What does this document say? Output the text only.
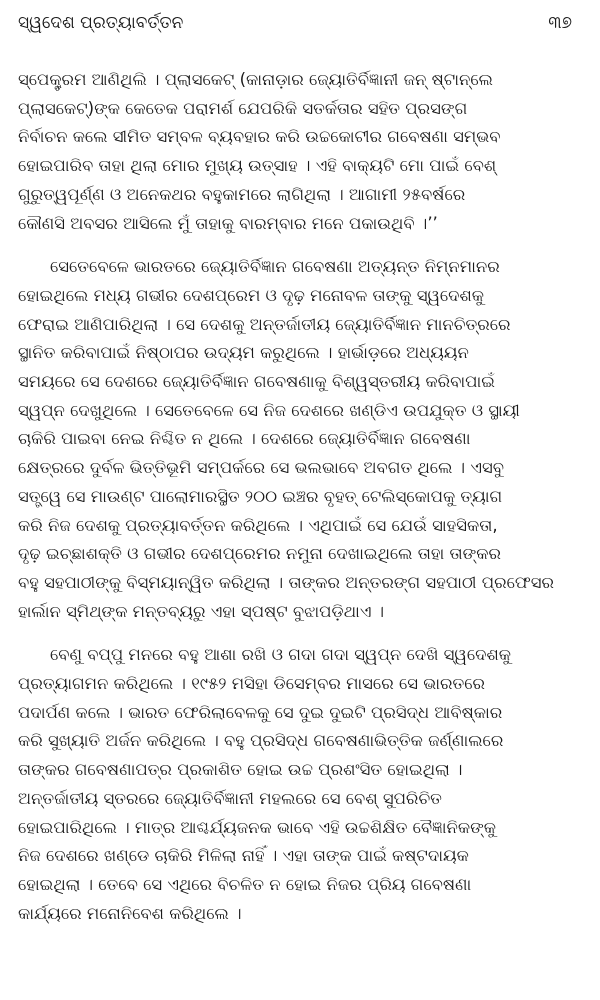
ସ୍ୱଦେଶ ପ୍ରତ୍ୟାବର୍ତ୍ତନ	୩୭
ସ୍ପେକ୍ଟ୍ରମ ଆଣିଥିଲି । ପ୍ଲାସକେଟ୍ (କାନାଡ଼ାର ଜ୍ୟୋତିର୍ବିଜ୍ଞାନୀ ଜନ୍ ଷ୍ଟାନ୍‌ଲେ
ପ୍ଲାସକେଟ୍)ଙ୍କ କେତେକ ପରାମର୍ଶ ଯେପରିକି ସତର୍କତାର ସହିତ ପ୍ରସଙ୍ଗ
ନିର୍ବାଚନ କଲେ ସୀମିତ ସମ୍ବଳ ବ୍ୟବହାର କରି ଉଚ୍ଚକୋଟୀର ଗବେଷଣା ସମ୍ଭବ
ହୋଇପାରିବ ତାହା ଥିଲା ମୋର ମୁଖ୍ୟ ଉତ୍ସାହ । ଏହି ବାକ୍ୟଟି ମୋ ପାଇଁ ବେଶ୍
ଗୁରୁତ୍ୱପୂର୍ଣ୍ଣ ଓ ଅନେକଥର ବହୁକାମରେ ଲାଗିଥିଲା । ଆଗାମୀ ୨୫ବର୍ଷରେ
କୌଣସି ଅବସର ଆସିଲେ ମୁଁ ତାହାକୁ ବାରମ୍ବାର ମନେ ପକାଉଥିବି ।’’
ସେତେବେଳେ ଭାରତରେ ଜ୍ୟୋତିର୍ବିଜ୍ଞାନ ଗବେଷଣା ଅତ୍ୟନ୍ତ ନିମ୍ନମାନର
ହୋଇଥିଲେ ମଧ୍ୟ ଗଭୀର ଦେଶପ୍ରେମ ଓ ଦୃଢ଼ ମନୋବଳ ତାଙ୍କୁ ସ୍ୱଦେଶକୁ
ଫେରାଇ ଆଣିପାରିଥିଲା । ସେ ଦେଶକୁ ଅନ୍ତର୍ଜାତୀୟ ଜ୍ୟୋତିର୍ବିଜ୍ଞାନ ମାନଚିତ୍ରରେ
ସ୍ଥାନିତ କରିବାପାଇଁ ନିଷ୍ଠାପର ଉଦ୍ୟମ କରୁଥିଲେ । ହାର୍ଭାଡ଼ରେ ଅଧ୍ୟୟନ
ସମୟରେ ସେ ଦେଶରେ ଜ୍ୟୋତିର୍ବିଜ୍ଞାନ ଗବେଷଣାକୁ ବିଶ୍ୱସ୍ତରୀୟ କରିବାପାଇଁ
ସ୍ୱପ୍ନ ଦେଖୁଥିଲେ । ସେତେବେଳେ ସେ ନିଜ ଦେଶରେ ଖଣ୍ଡିଏ ଉପଯୁକ୍ତ ଓ ସ୍ଥାୟୀ
ଚାକିରି ପାଇବା ନେଇ ନିଶ୍ଚିତ ନ ଥିଲେ । ଦେଶରେ ଜ୍ୟୋତିର୍ବିଜ୍ଞାନ ଗବେଷଣା
କ୍ଷେତ୍ରରେ ଦୁର୍ବଳ ଭିତ୍ତିଭୂମି ସମ୍ପର୍କରେ ସେ ଭଲଭାବେ ଅବଗତ ଥିଲେ । ଏସବୁ
ସତ୍ତ୍ୱେ ସେ ମାଉଣ୍ଟ ପାଲୋମାରସ୍ଥିତ ୨୦୦ ଇଞ୍ଚର ବୃହତ୍ ଟେଲିସ୍କୋପକୁ ତ୍ୟାଗ
କରି ନିଜ ଦେଶକୁ ପ୍ରତ୍ୟାବର୍ତ୍ତନ କରିଥିଲେ । ଏଥିପାଇଁ ସେ ଯେଉଁ ସାହସିକତା,
ଦୃଢ଼ ଇଚ୍ଛାଶକ୍ତି ଓ ଗଭୀର ଦେଶପ୍ରେମର ନମୁନା ଦେଖାଇଥିଲେ ତାହା ତାଙ୍କର
ବହୁ ସହପାଠୀଙ୍କୁ ବିସ୍ମୟାନ୍ୱିତ କରିଥିଲା । ତାଙ୍କର ଅନ୍ତରଙ୍ଗ ସହପାଠୀ ପ୍ରଫେସର
ହାର୍ଲାନ ସ୍ମିଥ୍‌ଙ୍କ ମନ୍ତବ୍ୟରୁ ଏହା ସ୍ପଷ୍ଟ ବୁଝାପଡ଼ିଥାଏ ।
ବେଣୁ ବପ୍ପୁ ମନରେ ବହୁ ଆଶା ରଖି ଓ ଗଦା ଗଦା ସ୍ୱପ୍ନ ଦେଖି ସ୍ୱଦେଶକୁ
ପ୍ରତ୍ୟାଗମନ କରିଥିଲେ । ୧୯୫୨ ମସିହା ଡିସେମ୍ବର ମାସରେ ସେ ଭାରତରେ
ପଦାର୍ପଣ କଲେ । ଭାରତ ଫେରିଲାବେଳକୁ ସେ ଦୁଇ ଦୁଇଟି ପ୍ରସିଦ୍ଧ ଆବିଷ୍କାର
କରି ସୁଖ୍ୟାତି ଅର୍ଜନ କରିଥିଲେ । ବହୁ ପ୍ରସିଦ୍ଧ ଗବେଷଣାଭିତ୍ତିକ ଜର୍ଣ୍ଣାଲରେ
ତାଙ୍କର ଗବେଷଣାପତ୍ର ପ୍ରକାଶିତ ହୋଇ ଉଚ୍ଚ ପ୍ରଶଂସିତ ହୋଇଥିଲା ।
ଅନ୍ତର୍ଜାତୀୟ ସ୍ତରରେ ଜ୍ୟୋତିର୍ବିଜ୍ଞାନୀ ମହଲରେ ସେ ବେଶ୍ ସୁପରିଚିତ
ହୋଇପାରିଥିଲେ । ମାତ୍ର ଆଶ୍ଚର୍ଯ୍ୟଜନକ ଭାବେ ଏହି ଉଚ୍ଚଶିକ୍ଷିତ ବୈଜ୍ଞାନିକଙ୍କୁ
ନିଜ ଦେଶରେ ଖଣ୍ଡେ ଚାକିରି ମିଳିଲା ନାହିଁ । ଏହା ତାଙ୍କ ପାଇଁ କଷ୍ଟଦାୟକ
ହୋଇଥିଲା । ତେବେ ସେ ଏଥିରେ ବିଚଳିତ ନ ହୋଇ ନିଜର ପ୍ରିୟ ଗବେଷଣା
କାର୍ଯ୍ୟରେ ମନୋନିବେଶ କରିଥିଲେ ।
